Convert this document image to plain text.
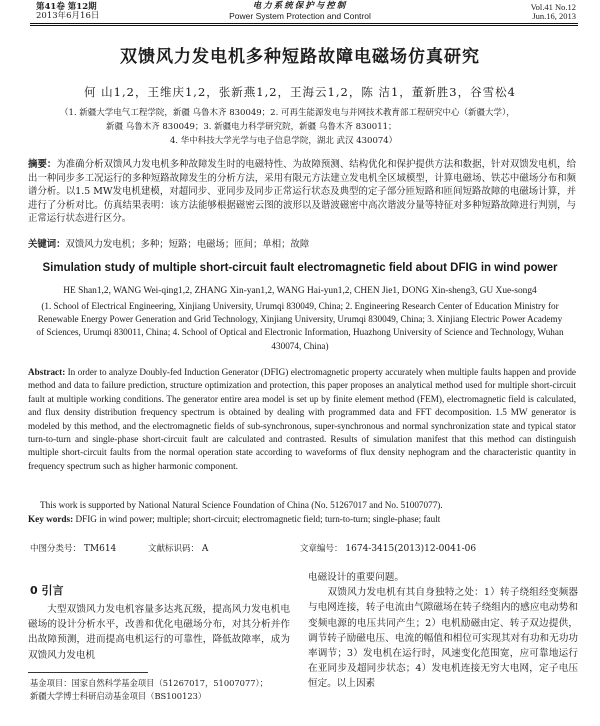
第41卷 第12期
2013年6月16日
电力系统保护与控制
Power System Protection and Control
Vol.41 No.12
Jun.16, 2013
双馈风力发电机多种短路故障电磁场仿真研究
何 山1,2，王维庆1,2，张新燕1,2，王海云1,2，陈 洁1，董新胜3，谷雪松4
（1. 新疆大学电气工程学院，新疆 乌鲁木齐 830049；2. 可再生能源发电与并网技术教育部工程研究中心（新疆大学），
新疆 乌鲁木齐 830049；3. 新疆电力科学研究院，新疆 乌鲁木齐 830011；
4. 华中科技大学光学与电子信息学院，湖北 武汉 430074）

摘要：为准确分析双馈风力发电机多种故障发生时的电磁特性、为故障预测、结构优化和保护提供方法和数据，针对双馈发电机，给出一种同步多工况运行的多种短路故障发生的分析方法，采用有限元方法建立发电机全区域模型，计算电磁场、铁芯中磁场分布和频谱分析。以1.5 MW发电机建模，对超同步、亚同步及同步正常运行状态及典型的定子部分匝短路和匝间短路故障的电磁场计算，并进行了分析对比。仿真结果表明：该方法能够根据磁密云图的波形以及谐波磁密中高次谐波分量等特征对多种短路故障进行判别，与正常运行状态进行区分。

关键词：双馈风力发电机；多种；短路；电磁场；匝间；单相；故障

Simulation study of multiple short-circuit fault electromagnetic field about DFIG in wind power
HE Shan1,2, WANG Wei-qing1,2, ZHANG Xin-yan1,2, WANG Hai-yun1,2, CHEN Jie1, DONG Xin-sheng3, GU Xue-song4
(1. School of Electrical Engineering, Xinjiang University, Urumqi 830049, China; 2. Engineering Research Center of Education Ministry for Renewable Energy Power Generation and Grid Technology, Xinjiang University, Urumqi 830049, China; 3. Xinjiang Electric Power Academy of Sciences, Urumqi 830011, China; 4. School of Optical and Electronic Information, Huazhong University of Science and Technology, Wuhan 430074, China)

Abstract: In order to analyze Doubly-fed Induction Generator (DFIG) electromagnetic property accurately when multiple faults happen and provide method and data to failure prediction, structure optimization and protection, this paper proposes an analytical method used for multiple short-circuit fault at multiple working conditions. The generator entire area model is set up by finite element method (FEM), electromagnetic field is calculated, and flux density distribution frequency spectrum is obtained by dealing with programmed data and FFT decomposition. 1.5 MW generator is modeled by this method, and the electromagnetic fields of sub-synchronous, super-synchronous and normal synchronization state and typical stator turn-to-turn and single-phase short-circuit fault are calculated and contrasted. Results of simulation manifest that this method can distinguish multiple short-circuit faults from the normal operation state according to waveforms of flux density nephogram and the characteristic quantity in frequency spectrum such as higher harmonic component.

This work is supported by National Natural Science Foundation of China (No. 51267017 and No. 51007077).

Key words: DFIG in wind power; multiple; short-circuit; electromagnetic field; turn-to-turn; single-phase; fault

中图分类号： TM614	文献标识码： A	文章编号： 1674-3415(2013)12-0041-06
0 引言

大型双馈风力发电机容量多达兆瓦级，提高风力发电机电磁场的设计分析水平，改善和优化电磁场分布，对其分析并作出故障预测，进而提高电机运行的可靠性，降低故障率，成为双馈风力发电机

电磁设计的重要问题。
　　双馈风力发电机有其自身独特之处：1）转子绕组经变频器与电网连接，转子电流由气隙磁场在转子绕组内的感应电动势和变频电源的电压共同产生；2）电机励磁由定、转子双边提供，调节转子励磁电压、电流的幅值和相位可实现其对有功和无功功率调节；3）发电机在运行时，风速变化范围宽，应可靠地运行在亚同步及超同步状态；4）发电机连接无穷大电网，定子电压恒定。以上因素

基金项目：国家自然科学基金项目（51267017，51007077）；
新疆大学博士科研启动基金项目（BS100123）
